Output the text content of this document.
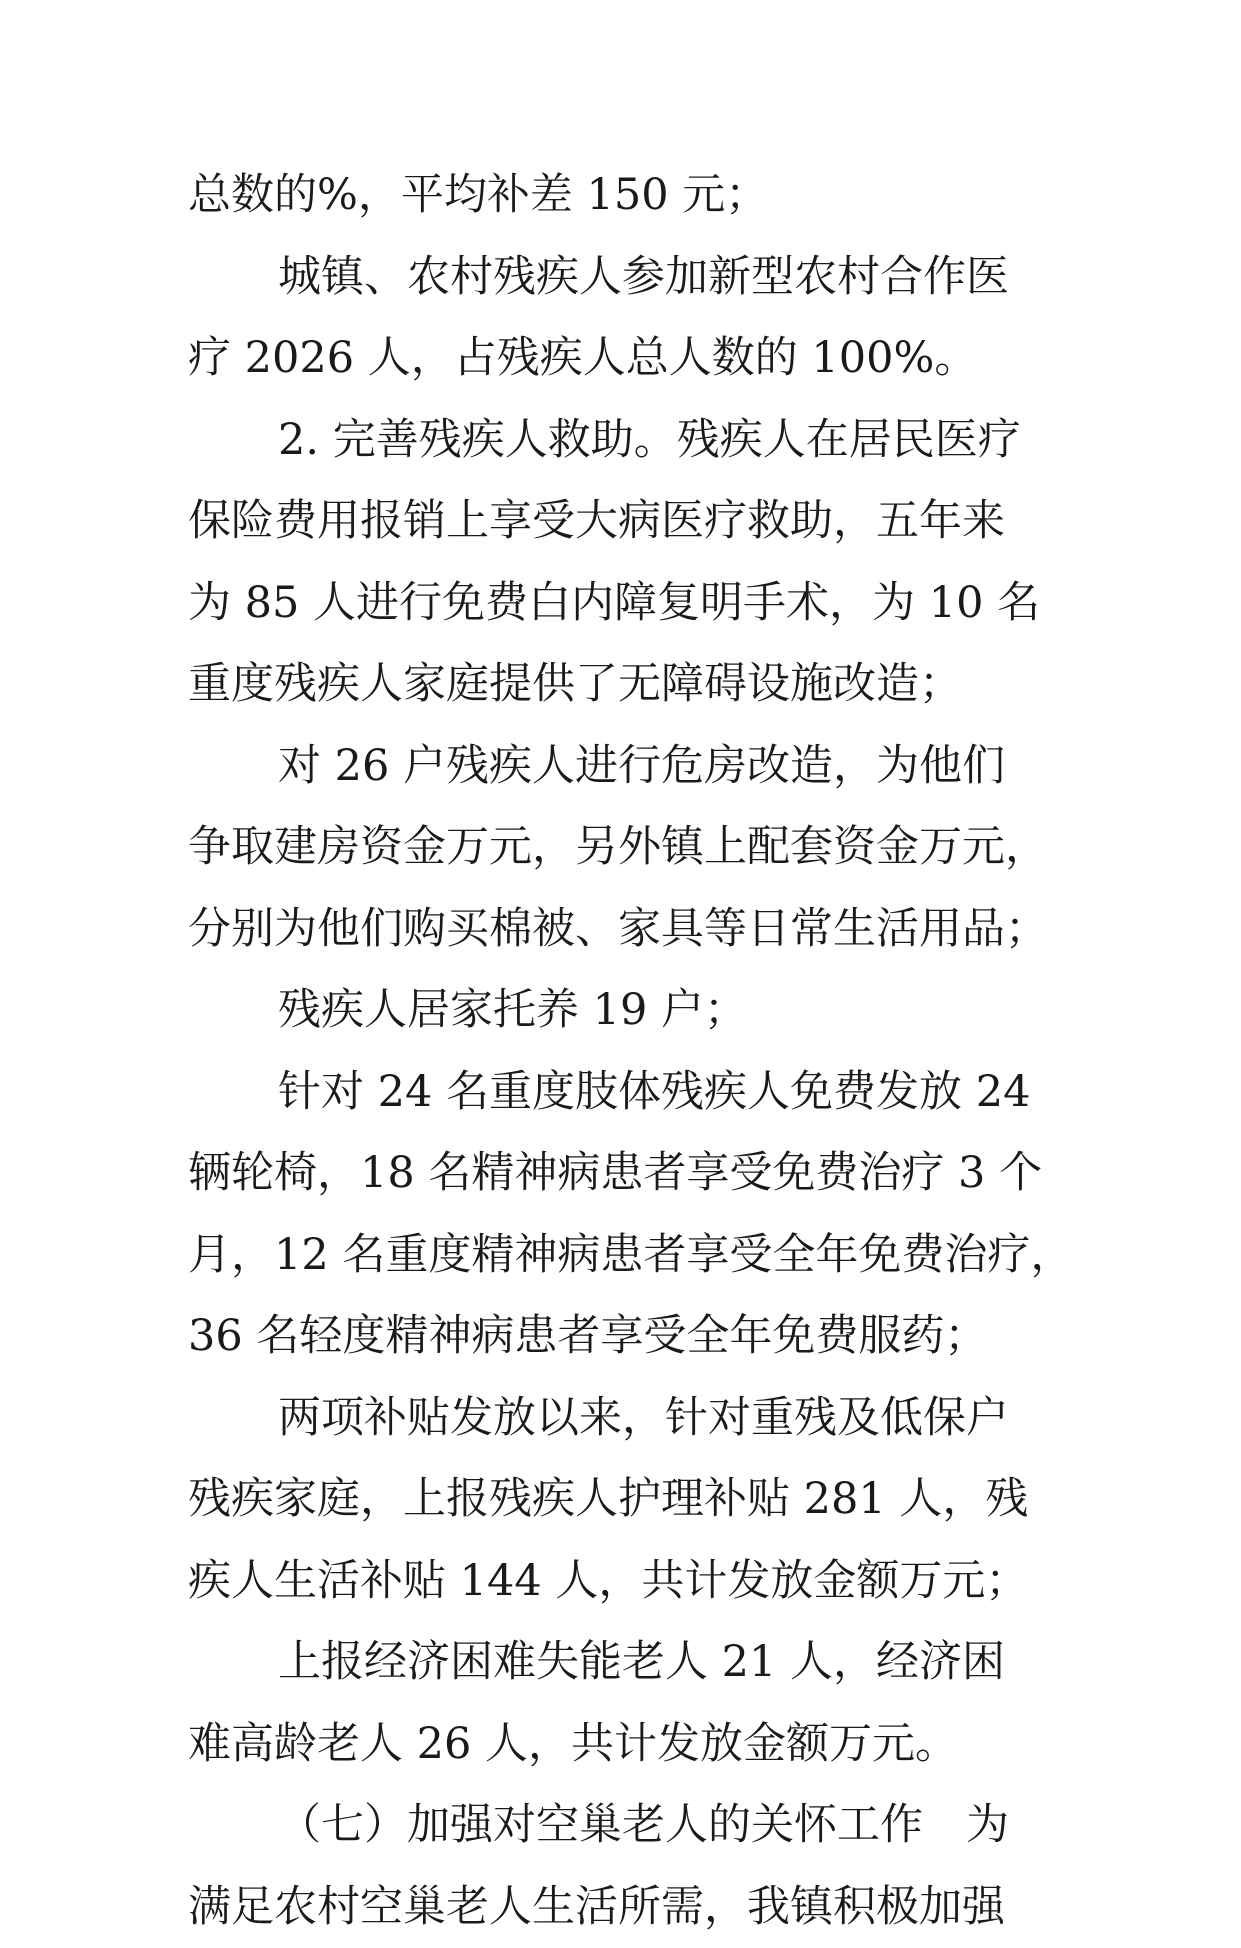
总数的%，平均补差 150 元；
城镇、农村残疾人参加新型农村合作医
疗 2026 人，占残疾人总人数的 100%。
2. 完善残疾人救助。残疾人在居民医疗
保险费用报销上享受大病医疗救助，五年来
为 85 人进行免费白内障复明手术，为 10 名
重度残疾人家庭提供了无障碍设施改造；
对 26 户残疾人进行危房改造，为他们
争取建房资金万元，另外镇上配套资金万元，
分别为他们购买棉被、家具等日常生活用品；
残疾人居家托养 19 户；
针对 24 名重度肢体残疾人免费发放 24
辆轮椅，18 名精神病患者享受免费治疗 3 个
月，12 名重度精神病患者享受全年免费治疗，
36 名轻度精神病患者享受全年免费服药；
两项补贴发放以来，针对重残及低保户
残疾家庭，上报残疾人护理补贴 281 人，残
疾人生活补贴 144 人，共计发放金额万元；
上报经济困难失能老人 21 人，经济困
难高龄老人 26 人，共计发放金额万元。
（七）加强对空巢老人的关怀工作　为
满足农村空巢老人生活所需，我镇积极加强
